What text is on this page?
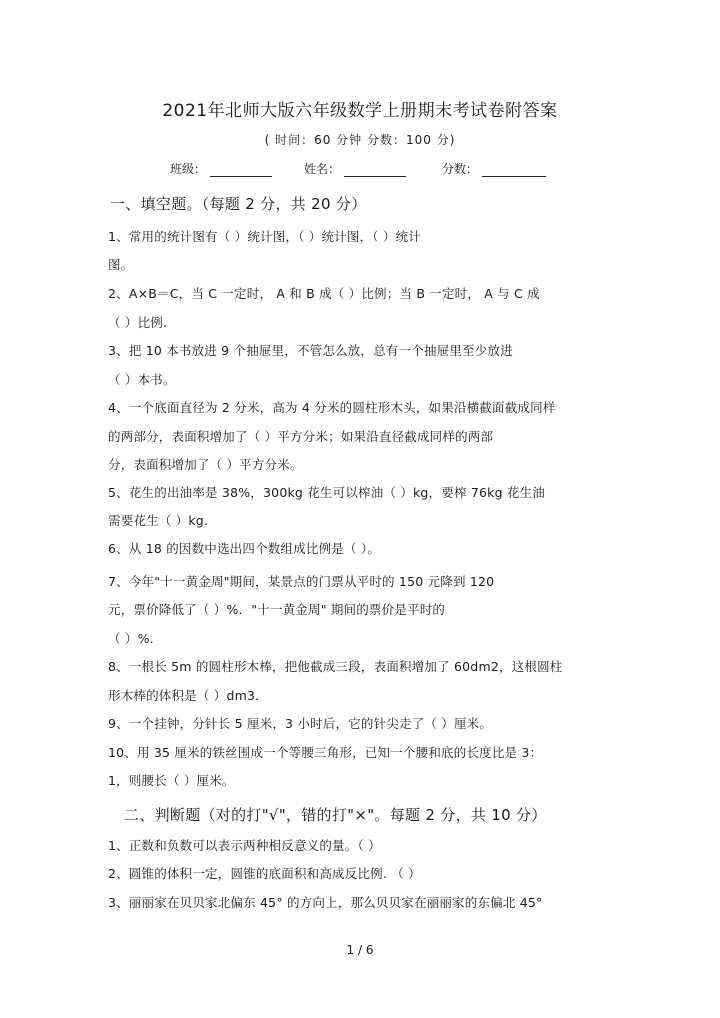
2021年北师大版六年级数学上册期末考试卷附答案
( 时间：60 分钟 分数：100 分)
班级：	姓名：	分数：
一、填空题。（每题 2 分，共 20 分）
1、常用的统计图有（ ）统计图，（ ）统计图，（ ）统计
图。
2、A×B＝C，当 C 一定时， A 和 B 成（ ）比例；当 B 一定时， A 与 C 成
（ ）比例.
3、把 10 本书放进 9 个抽屉里，不管怎么放，总有一个抽屉里至少放进
（ ）本书。
4、一个底面直径为 2 分米，高为 4 分米的圆柱形木头，如果沿横截面截成同样
的两部分，表面积增加了（ ）平方分米；如果沿直径截成同样的两部
分，表面积增加了（ ）平方分米。
5、花生的出油率是 38%，300kg 花生可以榨油（ ）kg，要榨 76kg 花生油
需要花生（ ）kg.
6、从 18 的因数中选出四个数组成比例是（ ）。
7、今年"十一黄金周"期间，某景点的门票从平时的 150 元降到 120
元，票价降低了（ ）%．"十一黄金周" 期间的票价是平时的
（ ）%.
8、一根长 5m 的圆柱形木棒，把他截成三段，表面积增加了 60dm2，这根圆柱
形木棒的体积是（ ）dm3．
9、一个挂钟，分针长 5 厘米，3 小时后，它的针尖走了（ ）厘米。
10、用 35 厘米的铁丝围成一个等腰三角形，已知一个腰和底的长度比是 3：
1，则腰长（ ）厘米。
二、判断题（对的打"√"，错的打"×"。每题 2 分，共 10 分）
1、正数和负数可以表示两种相反意义的量。（ ）
2、圆锥的体积一定，圆锥的底面积和高成反比例. （ ）
3、丽丽家在贝贝家北偏东 45° 的方向上，那么贝贝家在丽丽家的东偏北 45°
1 / 6
